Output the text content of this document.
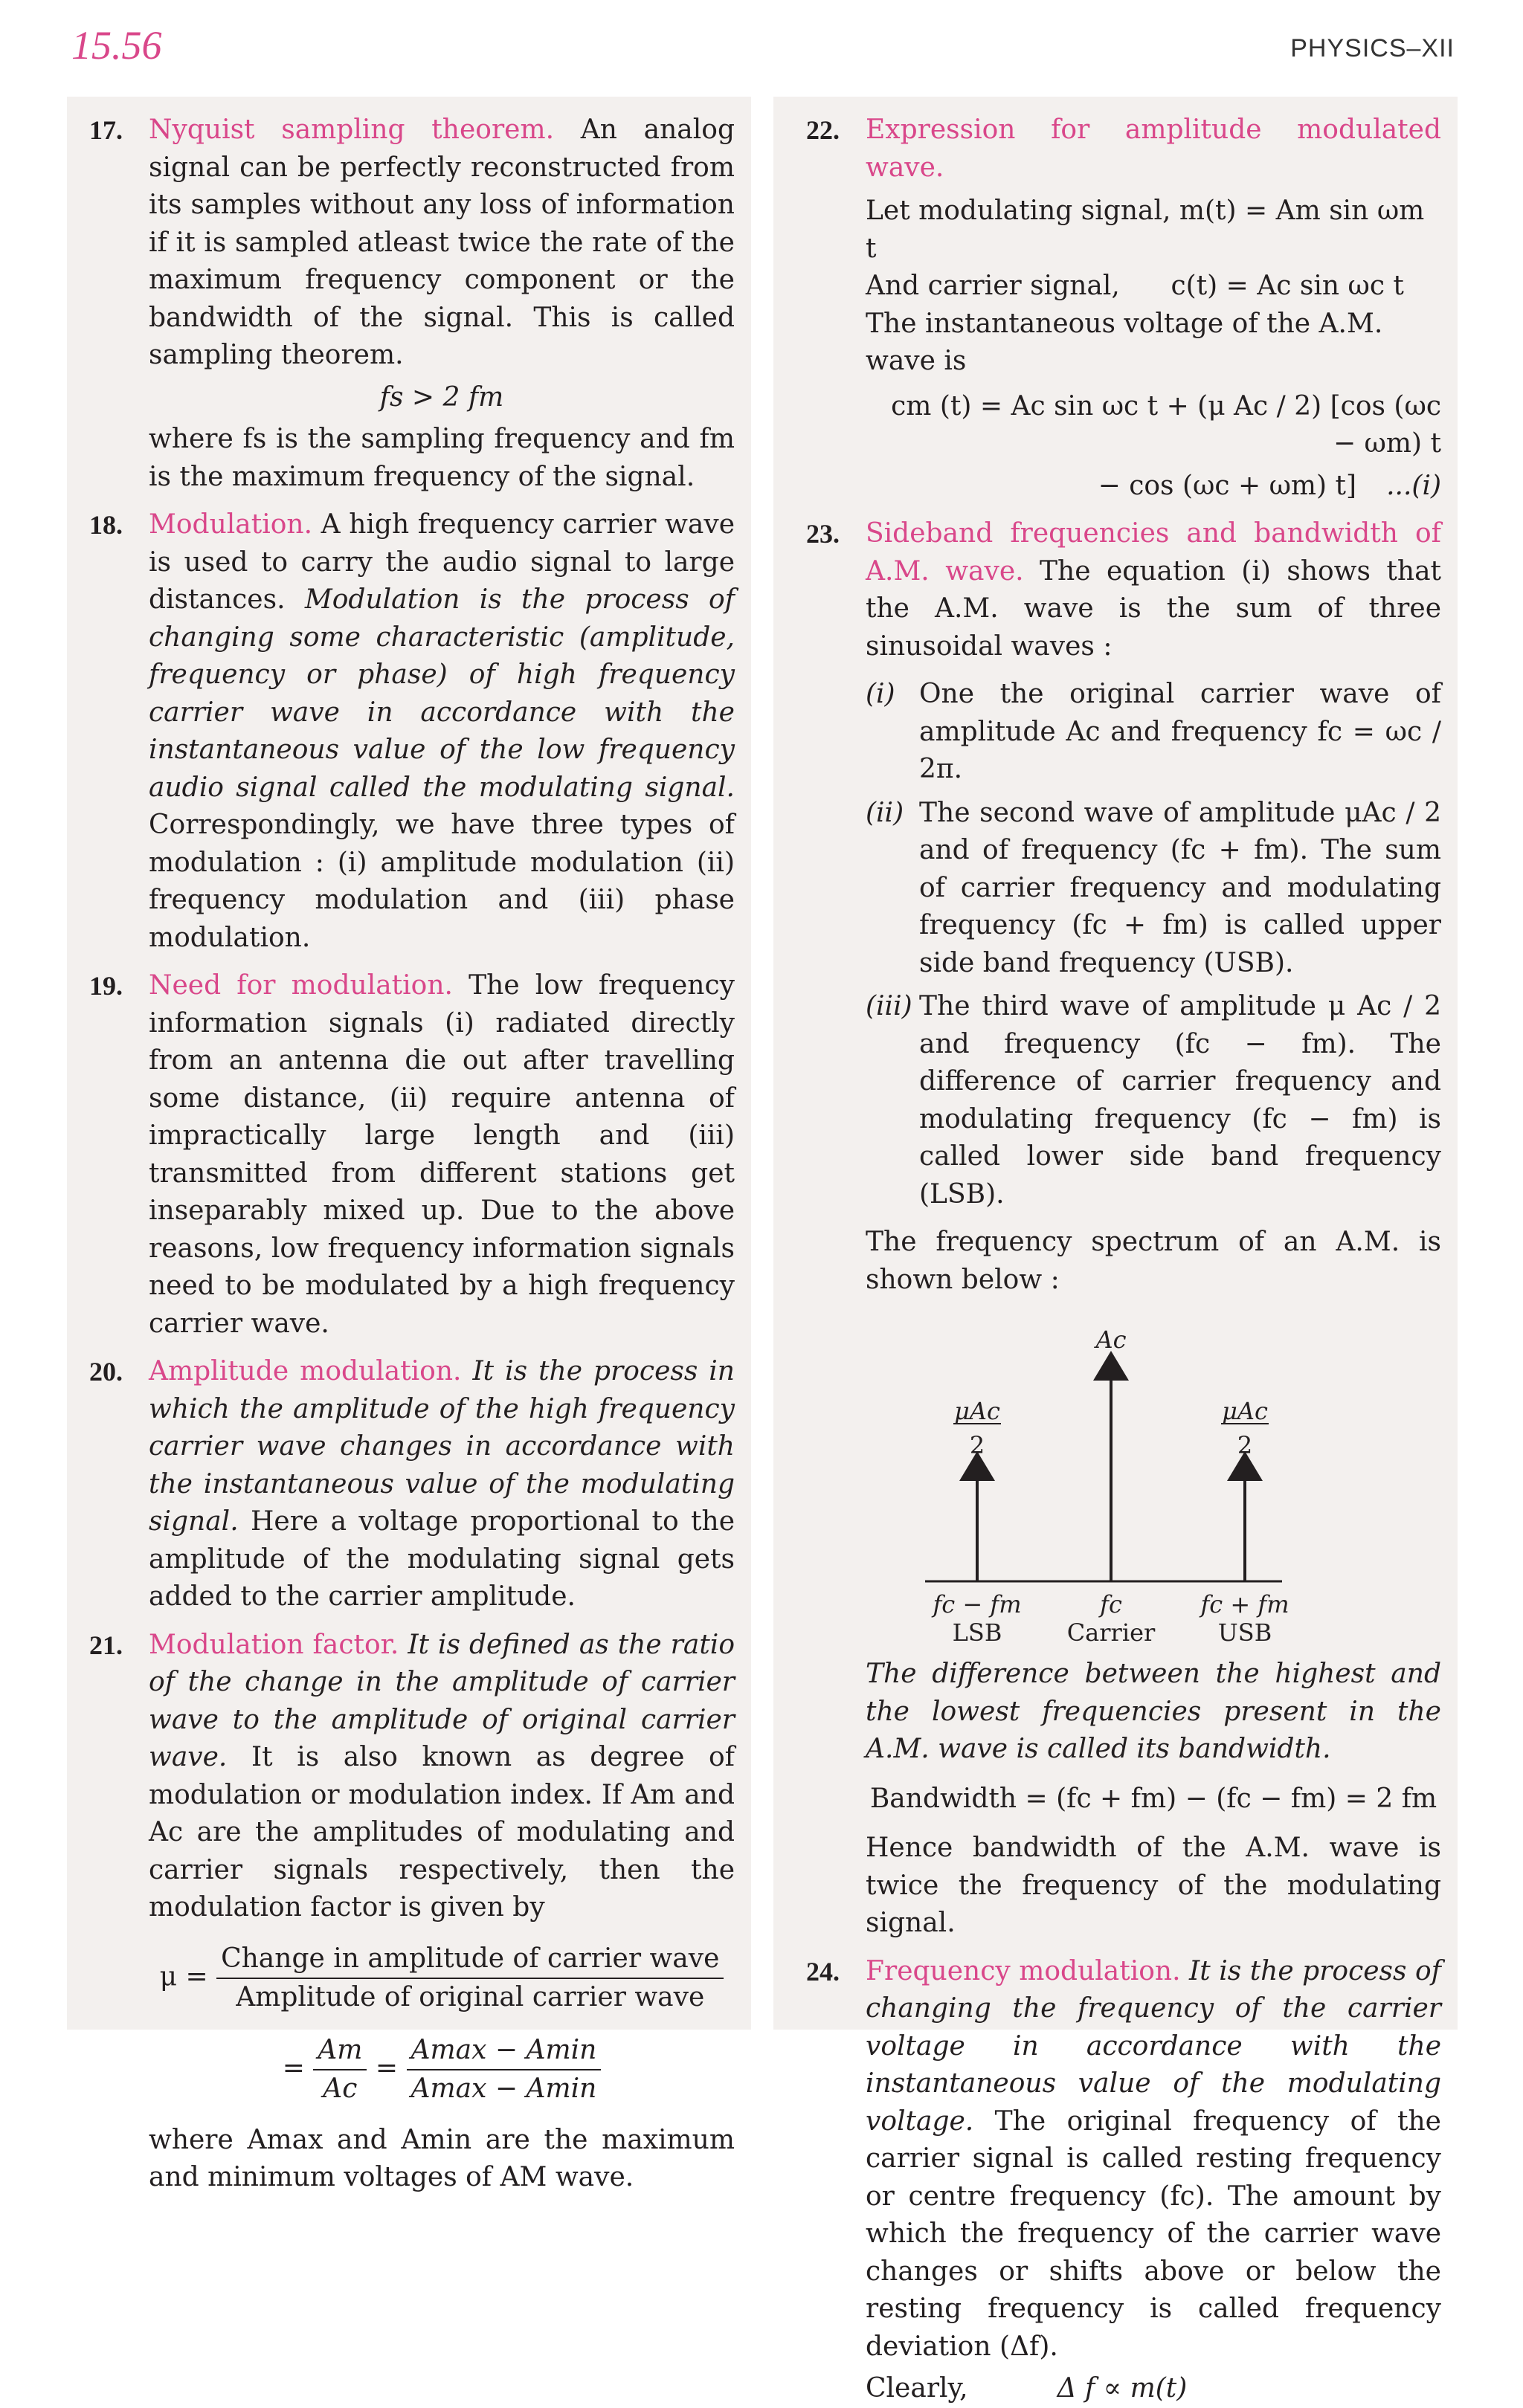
15.56	PHYSICS–XII
17. Nyquist sampling theorem. An analog signal can be perfectly reconstructed from its samples without any loss of information if it is sampled atleast twice the rate of the maximum frequency component or the bandwidth of the signal. This is called sampling theorem.

fs > 2 fm

where fs is the sampling frequency and fm is the maximum frequency of the signal.

18. Modulation. A high frequency carrier wave is used to carry the audio signal to large distances. Modulation is the process of changing some characteristic (amplitude, frequency or phase) of high frequency carrier wave in accordance with the instantaneous value of the low frequency audio signal called the modulating signal. Correspondingly, we have three types of modulation : (i) amplitude modulation (ii) frequency modulation and (iii) phase modulation.

19. Need for modulation. The low frequency information signals (i) radiated directly from an antenna die out after travelling some distance, (ii) require antenna of impractically large length and (iii) transmitted from different stations get inseparably mixed up. Due to the above reasons, low frequency information signals need to be modulated by a high frequency carrier wave.

20. Amplitude modulation. It is the process in which the amplitude of the high frequency carrier wave changes in accordance with the instantaneous value of the modulating signal. Here a voltage proportional to the amplitude of the modulating signal gets added to the carrier amplitude.

21. Modulation factor. It is defined as the ratio of the change in the amplitude of carrier wave to the amplitude of original carrier wave. It is also known as degree of modulation or modulation index. If Am and Ac are the amplitudes of modulating and carrier signals respectively, then the modulation factor is given by

$\mu = \frac{\text{Change in amplitude of carrier wave}}{\text{Amplitude of original carrier wave}}$
= $\frac{Am}{Ac} = \frac{Amax - Amin}{Amax - Amin}$

where Amax and Amin are the maximum and minimum voltages of AM wave.

22. Expression for amplitude modulated wave.

Let modulating signal, m(t) = Am sin ωm t

And carrier signal,      c(t) = Ac sin ωc t

The instantaneous voltage of the A.M. wave is

cm (t) = Ac sin ωc t + (μ Ac / 2) [cos (ωc − ωm) t
− cos (ωc + ωm) t] ...(i)
23. Sideband frequencies and bandwidth of A.M. wave. The equation (i) shows that the A.M. wave is the sum of three sinusoidal waves :

(i) One the original carrier wave of amplitude Ac and frequency fc = ωc / 2π.
(ii) The second wave of amplitude μAc / 2 and of frequency (fc + fm). The sum of carrier frequency and modulating frequency (fc + fm) is called upper side band frequency (USB).
(iii) The third wave of amplitude μ Ac / 2 and frequency (fc − fm). The difference of carrier frequency and modulating frequency (fc − fm) is called lower side band frequency (LSB).

The frequency spectrum of an A.M. is shown below :

Ac
μAc
2
μAc
2
fc − fm
LSB
fc
Carrier
fc + fm
USB

The difference between the highest and the lowest frequencies present in the A.M. wave is called its bandwidth.

Bandwidth = (fc + fm) − (fc − fm) = 2 fm

Hence bandwidth of the A.M. wave is twice the frequency of the modulating signal.

24. Frequency modulation. It is the process of changing the frequency of the carrier voltage in accordance with the instantaneous value of the modulating voltage. The original frequency of the carrier signal is called resting frequency or centre frequency (fc). The amount by which the frequency of the carrier wave changes or shifts above or below the resting frequency is called frequency deviation (Δf).

Clearly,	Δ f ∝ m(t)
